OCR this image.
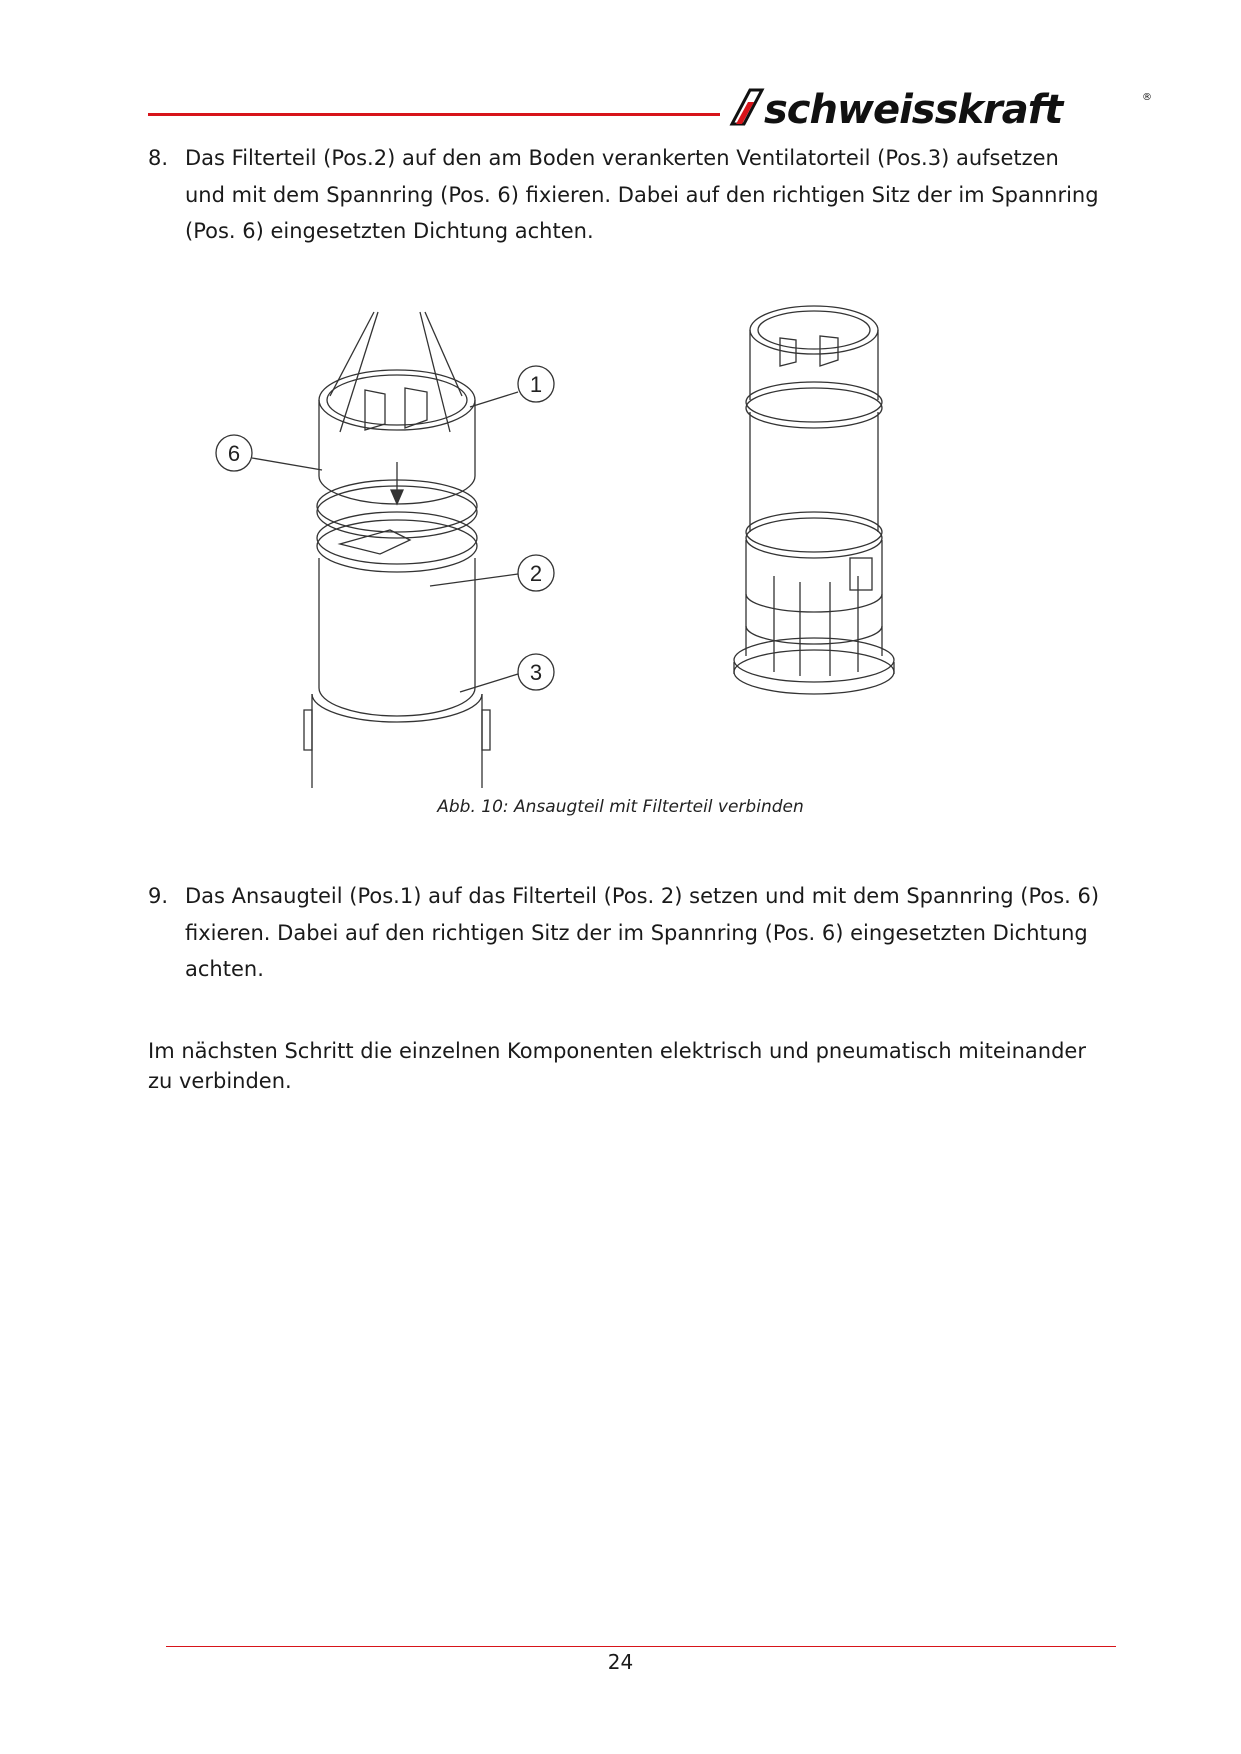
schweisskraft	®
8. Das Filterteil (Pos.2) auf den am Boden verankerten Ventilatorteil (Pos.3) aufsetzen und mit dem Spannring (Pos. 6) fixieren. Dabei auf den richtigen Sitz der im Spannring (Pos. 6) eingesetzten Dichtung achten.
1
6
2
3
Abb. 10: Ansaugteil mit Filterteil verbinden
9. Das Ansaugteil (Pos.1) auf das Filterteil (Pos. 2) setzen und mit dem Spannring (Pos. 6) fixieren. Dabei auf den richtigen Sitz der im Spannring (Pos. 6) eingesetzten Dichtung achten.
Im nächsten Schritt die einzelnen Komponenten elektrisch und pneumatisch miteinander zu verbinden.
24
